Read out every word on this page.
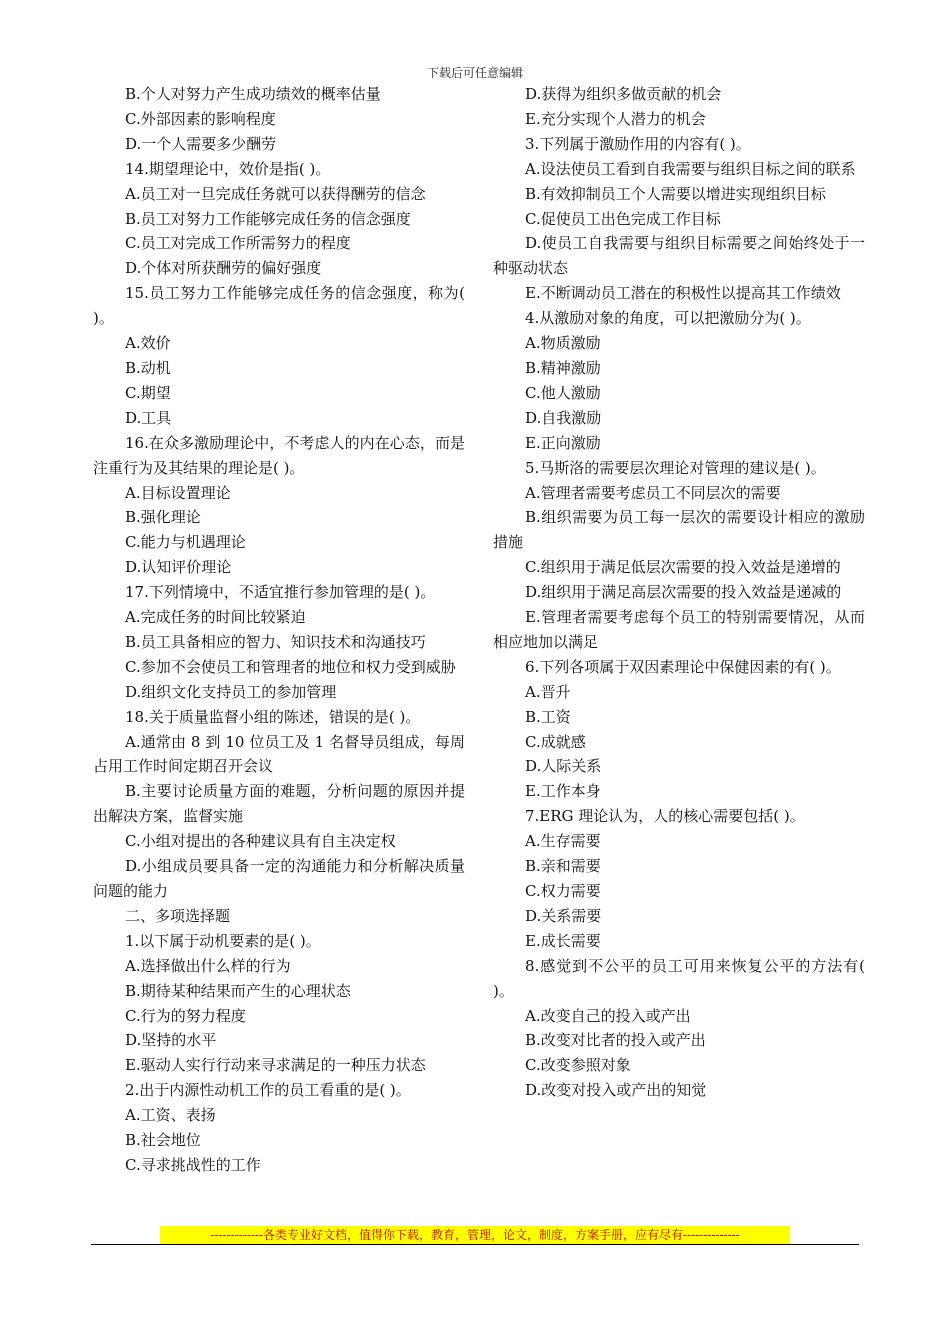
下载后可任意编辑

B.个人对努力产生成功绩效的概率估量

C.外部因素的影响程度

D.一个人需要多少酬劳

14.期望理论中，效价是指( )。

A.员工对一旦完成任务就可以获得酬劳的信念

B.员工对努力工作能够完成任务的信念强度

C.员工对完成工作所需努力的程度

D.个体对所获酬劳的偏好强度

15.员工努力工作能够完成任务的信念强度，称为( )。

A.效价

B.动机

C.期望

D.工具

16.在众多激励理论中，不考虑人的内在心态，而是注重行为及其结果的理论是( )。

A.目标设置理论

B.强化理论

C.能力与机遇理论

D.认知评价理论

17.下列情境中，不适宜推行参加管理的是( )。

A.完成任务的时间比较紧迫

B.员工具备相应的智力、知识技术和沟通技巧

C.参加不会使员工和管理者的地位和权力受到威胁

D.组织文化支持员工的参加管理

18.关于质量监督小组的陈述，错误的是( )。

A.通常由 8 到 10 位员工及 1 名督导员组成，每周占用工作时间定期召开会议

B.主要讨论质量方面的难题，分析问题的原因并提出解决方案，监督实施

C.小组对提出的各种建议具有自主决定权

D.小组成员要具备一定的沟通能力和分析解决质量问题的能力

二、多项选择题

1.以下属于动机要素的是( )。

A.选择做出什么样的行为

B.期待某种结果而产生的心理状态

C.行为的努力程度

D.坚持的水平

E.驱动人实行行动来寻求满足的一种压力状态

2.出于内源性动机工作的员工看重的是( )。

A.工资、表扬

B.社会地位

C.寻求挑战性的工作

D.获得为组织多做贡献的机会

E.充分实现个人潜力的机会

3.下列属于激励作用的内容有( )。

A.设法使员工看到自我需要与组织目标之间的联系

B.有效抑制员工个人需要以增进实现组织目标

C.促使员工出色完成工作目标

D.使员工自我需要与组织目标需要之间始终处于一种驱动状态

E.不断调动员工潜在的积极性以提高其工作绩效

4.从激励对象的角度，可以把激励分为( )。

A.物质激励

B.精神激励

C.他人激励

D.自我激励

E.正向激励

5.马斯洛的需要层次理论对管理的建议是( )。

A.管理者需要考虑员工不同层次的需要

B.组织需要为员工每一层次的需要设计相应的激励措施

C.组织用于满足低层次需要的投入效益是递增的

D.组织用于满足高层次需要的投入效益是递减的

E.管理者需要考虑每个员工的特别需要情况，从而相应地加以满足

6.下列各项属于双因素理论中保健因素的有( )。

A.晋升

B.工资

C.成就感

D.人际关系

E.工作本身

7.ERG 理论认为，人的核心需要包括( )。

A.生存需要

B.亲和需要

C.权力需要

D.关系需要

E.成长需要

8.感觉到不公平的员工可用来恢复公平的方法有( )。

A.改变自己的投入或产出

B.改变对比者的投入或产出

C.改变参照对象

D.改变对投入或产出的知觉

-------------各类专业好文档，值得你下载，教育，管理，论文，制度，方案手册，应有尽有--------------
